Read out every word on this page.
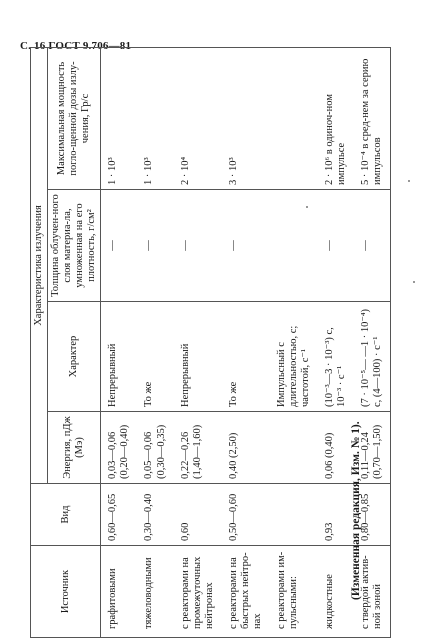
С. 16 ГОСТ 9.706—81
Источник	Вид	Характеристика излучения			
		Энергия, пДж (Мэ)	Характер	Толщина облучен-ного слоя материа-ла, умноженная на его плотность, г/см²	Максимальная мощность погло-щенной дозы излу-чения, Гр/с
графитовыми	0,60—0,65	0,03—0,06 (0,20—0,40)	Непрерывный	—	1 · 10³
тяжеловодными	0,30—0,40	0,05—0,06 (0,30—0,35)	То же	—	1 · 10³
с реакторами на промежуточных нейтронах	0,60	0,22—0,26 (1,40—1,60)	Непрерывный	—	2 · 10⁴
с реакторами на быстрых нейтро-нах	0,50—0,60	0,40 (2,50)	То же	—	3 · 10³
с реакторами им-пульсными:			Импульсный с длительностью, с; частотой, с⁻¹		
жидкостные	0,93	0,06 (0,40)	(10⁻³—3 · 10⁻³) с, 10⁻³ · с⁻¹	—	2 · 10⁶ в одиноч-ном импульсе
с твердой актив-ной зоной	0,80—0,85	0,11—0,24 (0,70—1,50)	(7 · 10⁻⁵— —1 · 10⁻⁴) с, (4—100) · с⁻¹	—	5 · 10⁻⁴ в сред-нем за серию импульсов
(Измененная редакция, Изм. № 1).
